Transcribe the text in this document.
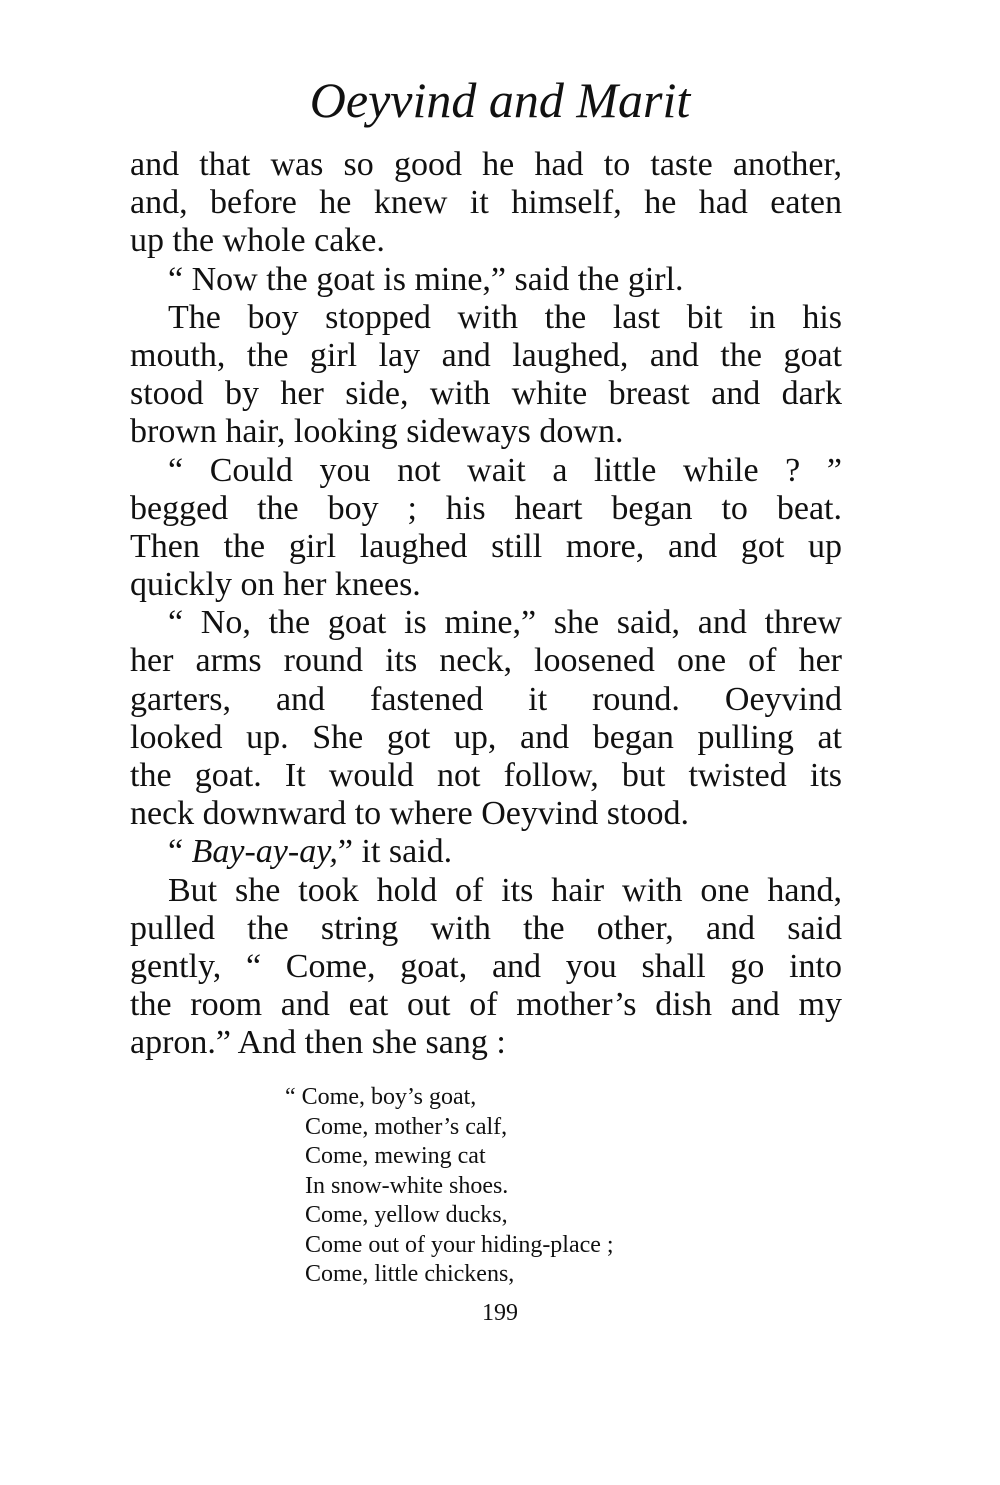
Oeyvind and Marit
and that was so good he had to taste another,
and, before he knew it himself, he had eaten
up the whole cake.
“ Now the goat is mine,” said the girl.
The boy stopped with the last bit in his
mouth, the girl lay and laughed, and the goat
stood by her side, with white breast and dark
brown hair, looking sideways down.
“ Could you not wait a little while ? ”
begged the boy ; his heart began to beat.
Then the girl laughed still more, and got up
quickly on her knees.
“ No, the goat is mine,” she said, and threw
her arms round its neck, loosened one of her
garters, and fastened it round. Oeyvind
looked up. She got up, and began pulling at
the goat. It would not follow, but twisted its
neck downward to where Oeyvind stood.
“ Bay-ay-ay,” it said.
But she took hold of its hair with one hand,
pulled the string with the other, and said
gently, “ Come, goat, and you shall go into
the room and eat out of mother’s dish and my
apron.” And then she sang :
“ Come, boy’s goat,
Come, mother’s calf,
Come, mewing cat
In snow-white shoes.
Come, yellow ducks,
Come out of your hiding-place ;
Come, little chickens,
199
